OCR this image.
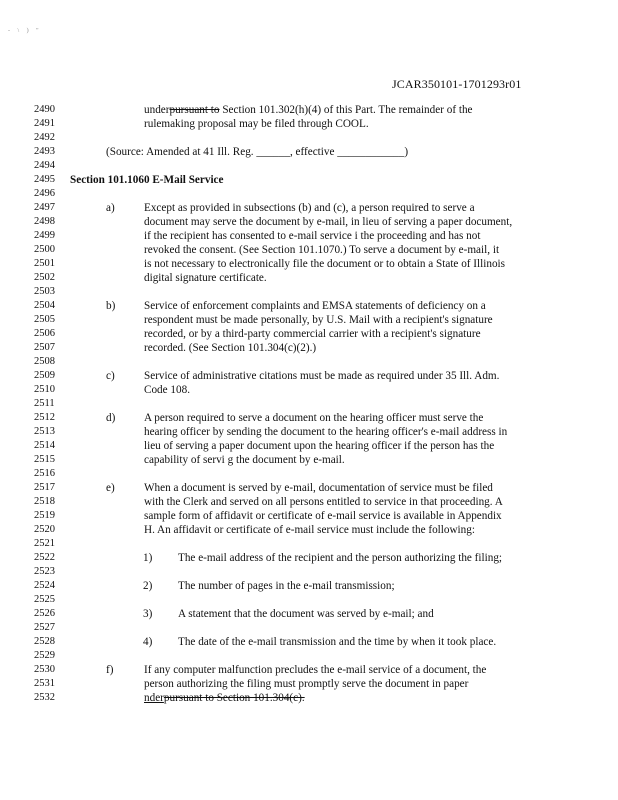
- \ ) "
JCAR350101-1701293r01
2490
2491
2492
2493
2494
2495
2496
2497
2498
2499
2500
2501
2502
2503
2504
2505
2506
2507
2508
2509
2510
2511
2512
2513
2514
2515
2516
2517
2518
2519
2520
2521
2522
2523
2524
2525
2526
2527
2528
2529
2530
2531
2532
underpursuant to Section 101.302(h)(4) of this Part. The remainder of the
rulemaking proposal may be filed through COOL.
(Source: Amended at 41 Ill. Reg. ______, effective ____________)
Section 101.1060 E-Mail Service
a)	Except as provided in subsections (b) and (c), a person required to serve a
document may serve the document by e-mail, in lieu of serving a paper document,
if the recipient has consented to e-mail service i the proceeding and has not
revoked the consent. (See Section 101.1070.) To serve a document by e-mail, it
is not necessary to electronically file the document or to obtain a State of Illinois
digital signature certificate.
b)	Service of enforcement complaints and EMSA statements of deficiency on a
respondent must be made personally, by U.S. Mail with a recipient's signature
recorded, or by a third-party commercial carrier with a recipient's signature
recorded. (See Section 101.304(c)(2).)
c)	Service of administrative citations must be made as required under 35 Ill. Adm.
Code 108.
d)	A person required to serve a document on the hearing officer must serve the
hearing officer by sending the document to the hearing officer's e-mail address in
lieu of serving a paper document upon the hearing officer if the person has the
capability of servi g the document by e-mail.
e)	When a document is served by e-mail, documentation of service must be filed
with the Clerk and served on all persons entitled to service in that proceeding. A
sample form of affidavit or certificate of e-mail service is available in Appendix
H. An affidavit or certificate of e-mail service must include the following:
1) The e-mail address of the recipient and the person authorizing the filing;
2) The number of pages in the e-mail transmission;
3) A statement that the document was served by e-mail; and
4) The date of the e-mail transmission and the time by when it took place.
f)	If any computer malfunction precludes the e-mail service of a document, the
person authorizing the filing must promptly serve the document in paper
nderpursuant to Section 101.304(c).
